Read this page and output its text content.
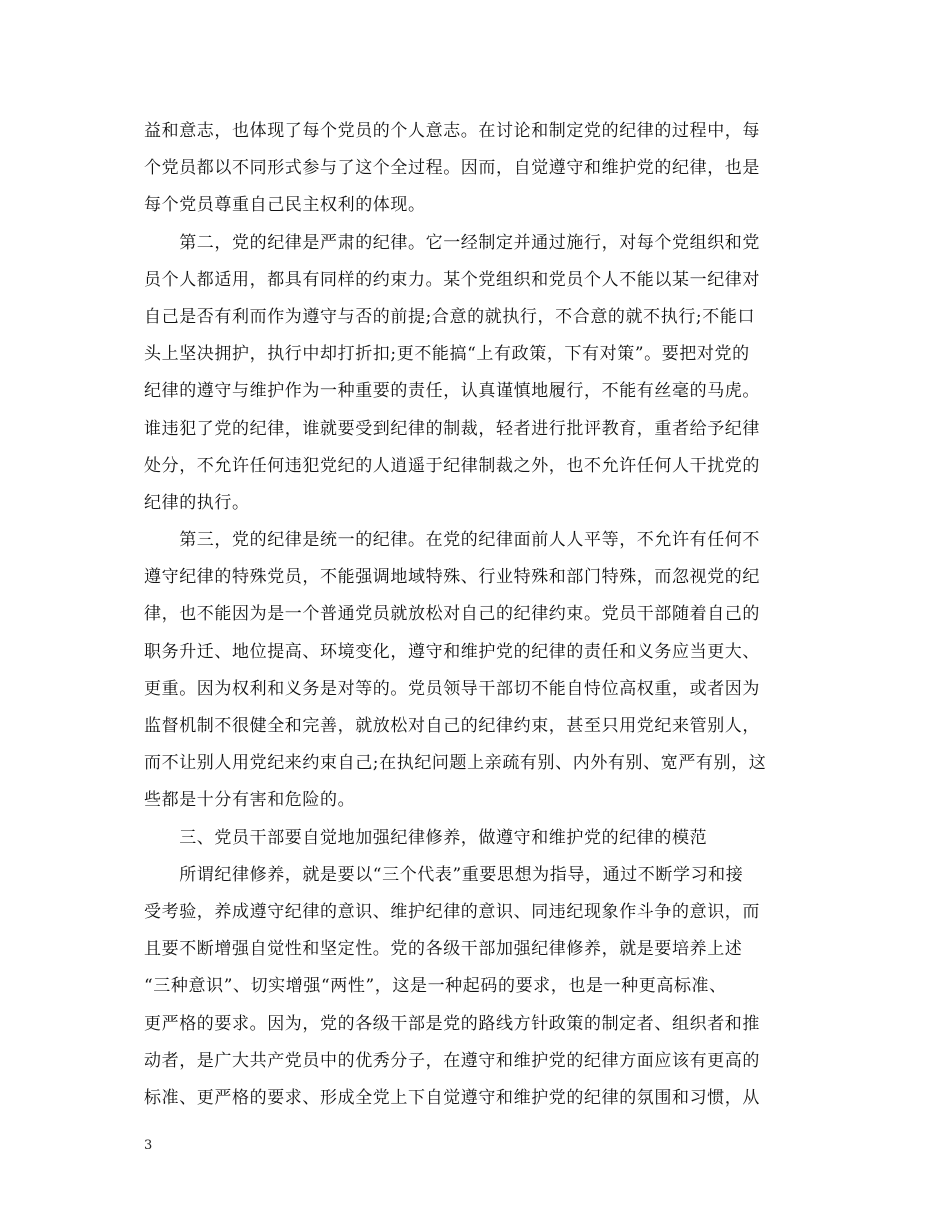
益和意志，也体现了每个党员的个人意志。在讨论和制定党的纪律的过程中，每
个党员都以不同形式参与了这个全过程。因而，自觉遵守和维护党的纪律，也是
每个党员尊重自己民主权利的体现。
　　第二，党的纪律是严肃的纪律。它一经制定并通过施行，对每个党组织和党
员个人都适用，都具有同样的约束力。某个党组织和党员个人不能以某一纪律对
自己是否有利而作为遵守与否的前提;合意的就执行，不合意的就不执行;不能口
头上坚决拥护，执行中却打折扣;更不能搞“上有政策，下有对策”。要把对党的
纪律的遵守与维护作为一种重要的责任，认真谨慎地履行，不能有丝毫的马虎。
谁违犯了党的纪律，谁就要受到纪律的制裁，轻者进行批评教育，重者给予纪律
处分，不允许任何违犯党纪的人逍遥于纪律制裁之外，也不允许任何人干扰党的
纪律的执行。
　　第三，党的纪律是统一的纪律。在党的纪律面前人人平等，不允许有任何不
遵守纪律的特殊党员，不能强调地域特殊、行业特殊和部门特殊，而忽视党的纪
律，也不能因为是一个普通党员就放松对自己的纪律约束。党员干部随着自己的
职务升迁、地位提高、环境变化，遵守和维护党的纪律的责任和义务应当更大、
更重。因为权利和义务是对等的。党员领导干部切不能自恃位高权重，或者因为
监督机制不很健全和完善，就放松对自己的纪律约束，甚至只用党纪来管别人，
而不让别人用党纪来约束自己;在执纪问题上亲疏有别、内外有别、宽严有别，这
些都是十分有害和危险的。
　　三、党员干部要自觉地加强纪律修养，做遵守和维护党的纪律的模范
　　所谓纪律修养，就是要以“三个代表”重要思想为指导，通过不断学习和接
受考验，养成遵守纪律的意识、维护纪律的意识、同违纪现象作斗争的意识，而
且要不断增强自觉性和坚定性。党的各级干部加强纪律修养，就是要培养上述
“三种意识”、切实增强“两性”，这是一种起码的要求，也是一种更高标准、
更严格的要求。因为，党的各级干部是党的路线方针政策的制定者、组织者和推
动者，是广大共产党员中的优秀分子，在遵守和维护党的纪律方面应该有更高的
标准、更严格的要求、形成全党上下自觉遵守和维护党的纪律的氛围和习惯，从
3
